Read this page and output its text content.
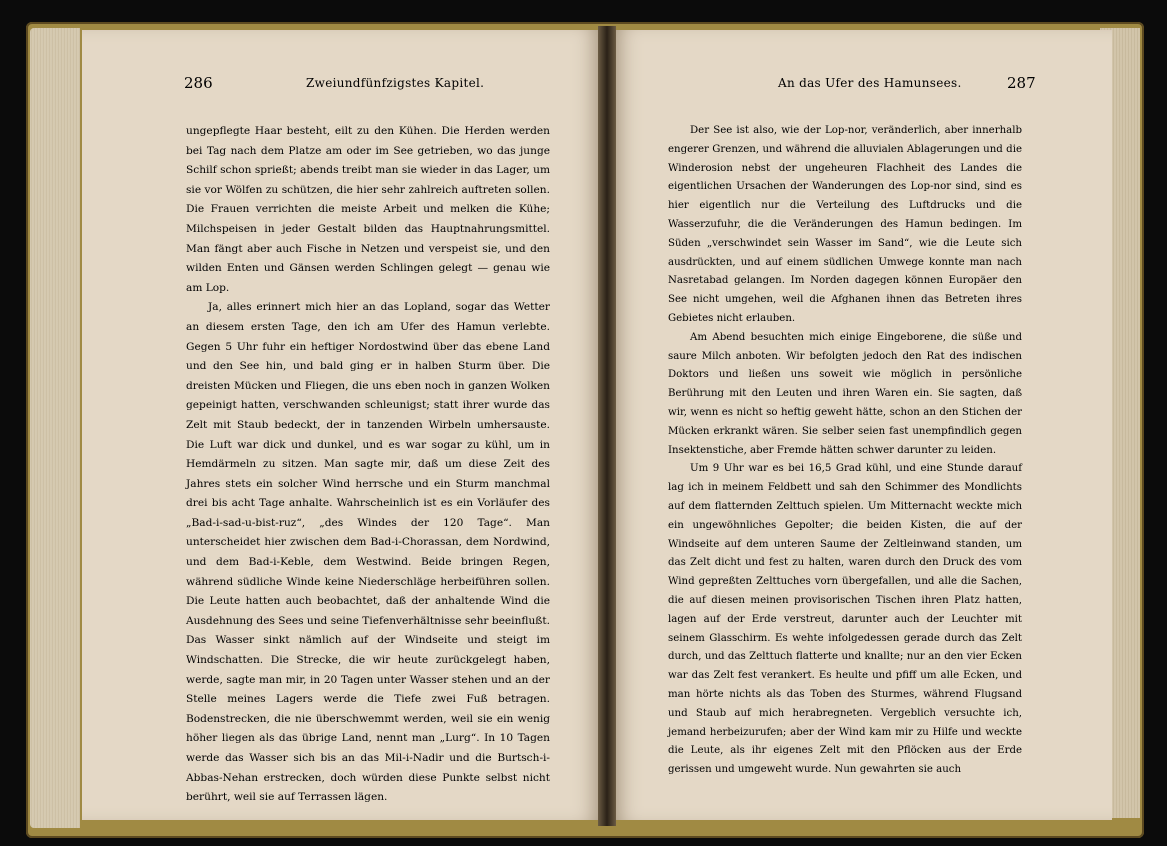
286	Zweiundfünfzigstes Kapitel.	An das Ufer des Hamunsees.	287

ungepflegte Haar besteht, eilt zu den Kühen. Die Herden werden bei Tag nach dem Platze am oder im See getrieben, wo das junge Schilf schon sprießt; abends treibt man sie wieder in das Lager, um sie vor Wölfen zu schützen, die hier sehr zahlreich auftreten sollen. Die Frauen verrichten die meiste Arbeit und melken die Kühe; Milchspeisen in jeder Gestalt bilden das Hauptnahrungsmittel. Man fängt aber auch Fische in Netzen und verspeist sie, und den wilden Enten und Gänsen werden Schlingen gelegt — genau wie am Lop.

Ja, alles erinnert mich hier an das Lopland, sogar das Wetter an diesem ersten Tage, den ich am Ufer des Hamun verlebte. Gegen 5 Uhr fuhr ein heftiger Nordostwind über das ebene Land und den See hin, und bald ging er in halben Sturm über. Die dreisten Mücken und Fliegen, die uns eben noch in ganzen Wolken gepeinigt hatten, verschwanden schleunigst; statt ihrer wurde das Zelt mit Staub bedeckt, der in tanzenden Wirbeln umhersauste. Die Luft war dick und dunkel, und es war sogar zu kühl, um in Hemdärmeln zu sitzen. Man sagte mir, daß um diese Zeit des Jahres stets ein solcher Wind herrsche und ein Sturm manchmal drei bis acht Tage anhalte. Wahrscheinlich ist es ein Vorläufer des „Bad-i-sad-u-bist-ruz“, „des Windes der 120 Tage“. Man unterscheidet hier zwischen dem Bad-i-Chorassan, dem Nordwind, und dem Bad-i-Keble, dem Westwind. Beide bringen Regen, während südliche Winde keine Niederschläge herbeiführen sollen. Die Leute hatten auch beobachtet, daß der anhaltende Wind die Ausdehnung des Sees und seine Tiefenverhältnisse sehr beeinflußt. Das Wasser sinkt nämlich auf der Windseite und steigt im Windschatten. Die Strecke, die wir heute zurückgelegt haben, werde, sagte man mir, in 20 Tagen unter Wasser stehen und an der Stelle meines Lagers werde die Tiefe zwei Fuß betragen. Bodenstrecken, die nie überschwemmt werden, weil sie ein wenig höher liegen als das übrige Land, nennt man „Lurg“. In 10 Tagen werde das Wasser sich bis an das Mil-i-Nadir und die Burtsch-i-Abbas-Nehan erstrecken, doch würden diese Punkte selbst nicht berührt, weil sie auf Terrassen lägen.

Der See ist also, wie der Lop-nor, veränderlich, aber innerhalb engerer Grenzen, und während die alluvialen Ablagerungen und die Winderosion nebst der ungeheuren Flachheit des Landes die eigentlichen Ursachen der Wanderungen des Lop-nor sind, sind es hier eigentlich nur die Verteilung des Luftdrucks und die Wasserzufuhr, die die Veränderungen des Hamun bedingen. Im Süden „verschwindet sein Wasser im Sand“, wie die Leute sich ausdrückten, und auf einem südlichen Umwege konnte man nach Nasretabad gelangen. Im Norden dagegen können Europäer den See nicht umgehen, weil die Afghanen ihnen das Betreten ihres Gebietes nicht erlauben.

Am Abend besuchten mich einige Eingeborene, die süße und saure Milch anboten. Wir befolgten jedoch den Rat des indischen Doktors und ließen uns soweit wie möglich in persönliche Berührung mit den Leuten und ihren Waren ein. Sie sagten, daß wir, wenn es nicht so heftig geweht hätte, schon an den Stichen der Mücken erkrankt wären. Sie selber seien fast unempfindlich gegen Insektenstiche, aber Fremde hätten schwer darunter zu leiden.

Um 9 Uhr war es bei 16,5 Grad kühl, und eine Stunde darauf lag ich in meinem Feldbett und sah den Schimmer des Mondlichts auf dem flatternden Zelttuch spielen. Um Mitternacht weckte mich ein ungewöhnliches Gepolter; die beiden Kisten, die auf der Windseite auf dem unteren Saume der Zeltleinwand standen, um das Zelt dicht und fest zu halten, waren durch den Druck des vom Wind gepreßten Zelttuches vorn übergefallen, und alle die Sachen, die auf diesen meinen provisorischen Tischen ihren Platz hatten, lagen auf der Erde verstreut, darunter auch der Leuchter mit seinem Glasschirm. Es wehte infolgedessen gerade durch das Zelt durch, und das Zelttuch flatterte und knallte; nur an den vier Ecken war das Zelt fest verankert. Es heulte und pfiff um alle Ecken, und man hörte nichts als das Toben des Sturmes, während Flugsand und Staub auf mich herabregneten. Vergeblich versuchte ich, jemand herbeizurufen; aber der Wind kam mir zu Hilfe und weckte die Leute, als ihr eigenes Zelt mit den Pflöcken aus der Erde gerissen und umgeweht wurde. Nun gewahrten sie auch
